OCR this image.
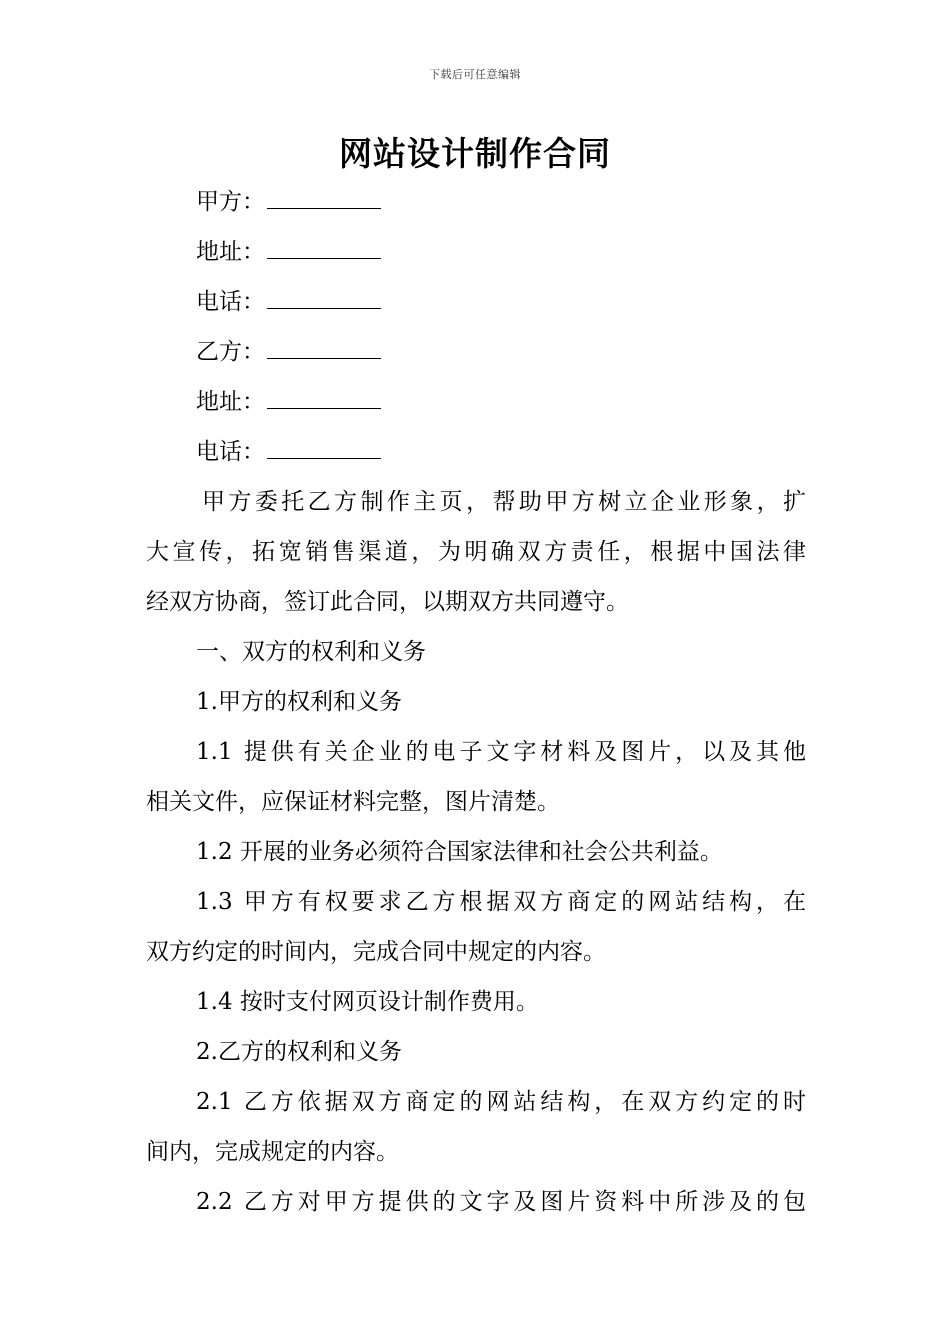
下载后可任意编辑
网站设计制作合同
甲方：
地址：
电话：
乙方：
地址：
电话：
甲方委托乙方制作主页，帮助甲方树立企业形象，扩
大宣传，拓宽销售渠道，为明确双方责任，根据中国法律
经双方协商，签订此合同，以期双方共同遵守。
一、双方的权利和义务
1.甲方的权利和义务
1.1 提供有关企业的电子文字材料及图片，以及其他
相关文件，应保证材料完整，图片清楚。
1.2 开展的业务必须符合国家法律和社会公共利益。
1.3 甲方有权要求乙方根据双方商定的网站结构，在
双方约定的时间内，完成合同中规定的内容。
1.4 按时支付网页设计制作费用。
2.乙方的权利和义务
2.1 乙方依据双方商定的网站结构，在双方约定的时
间内，完成规定的内容。
2.2 乙方对甲方提供的文字及图片资料中所涉及的包
